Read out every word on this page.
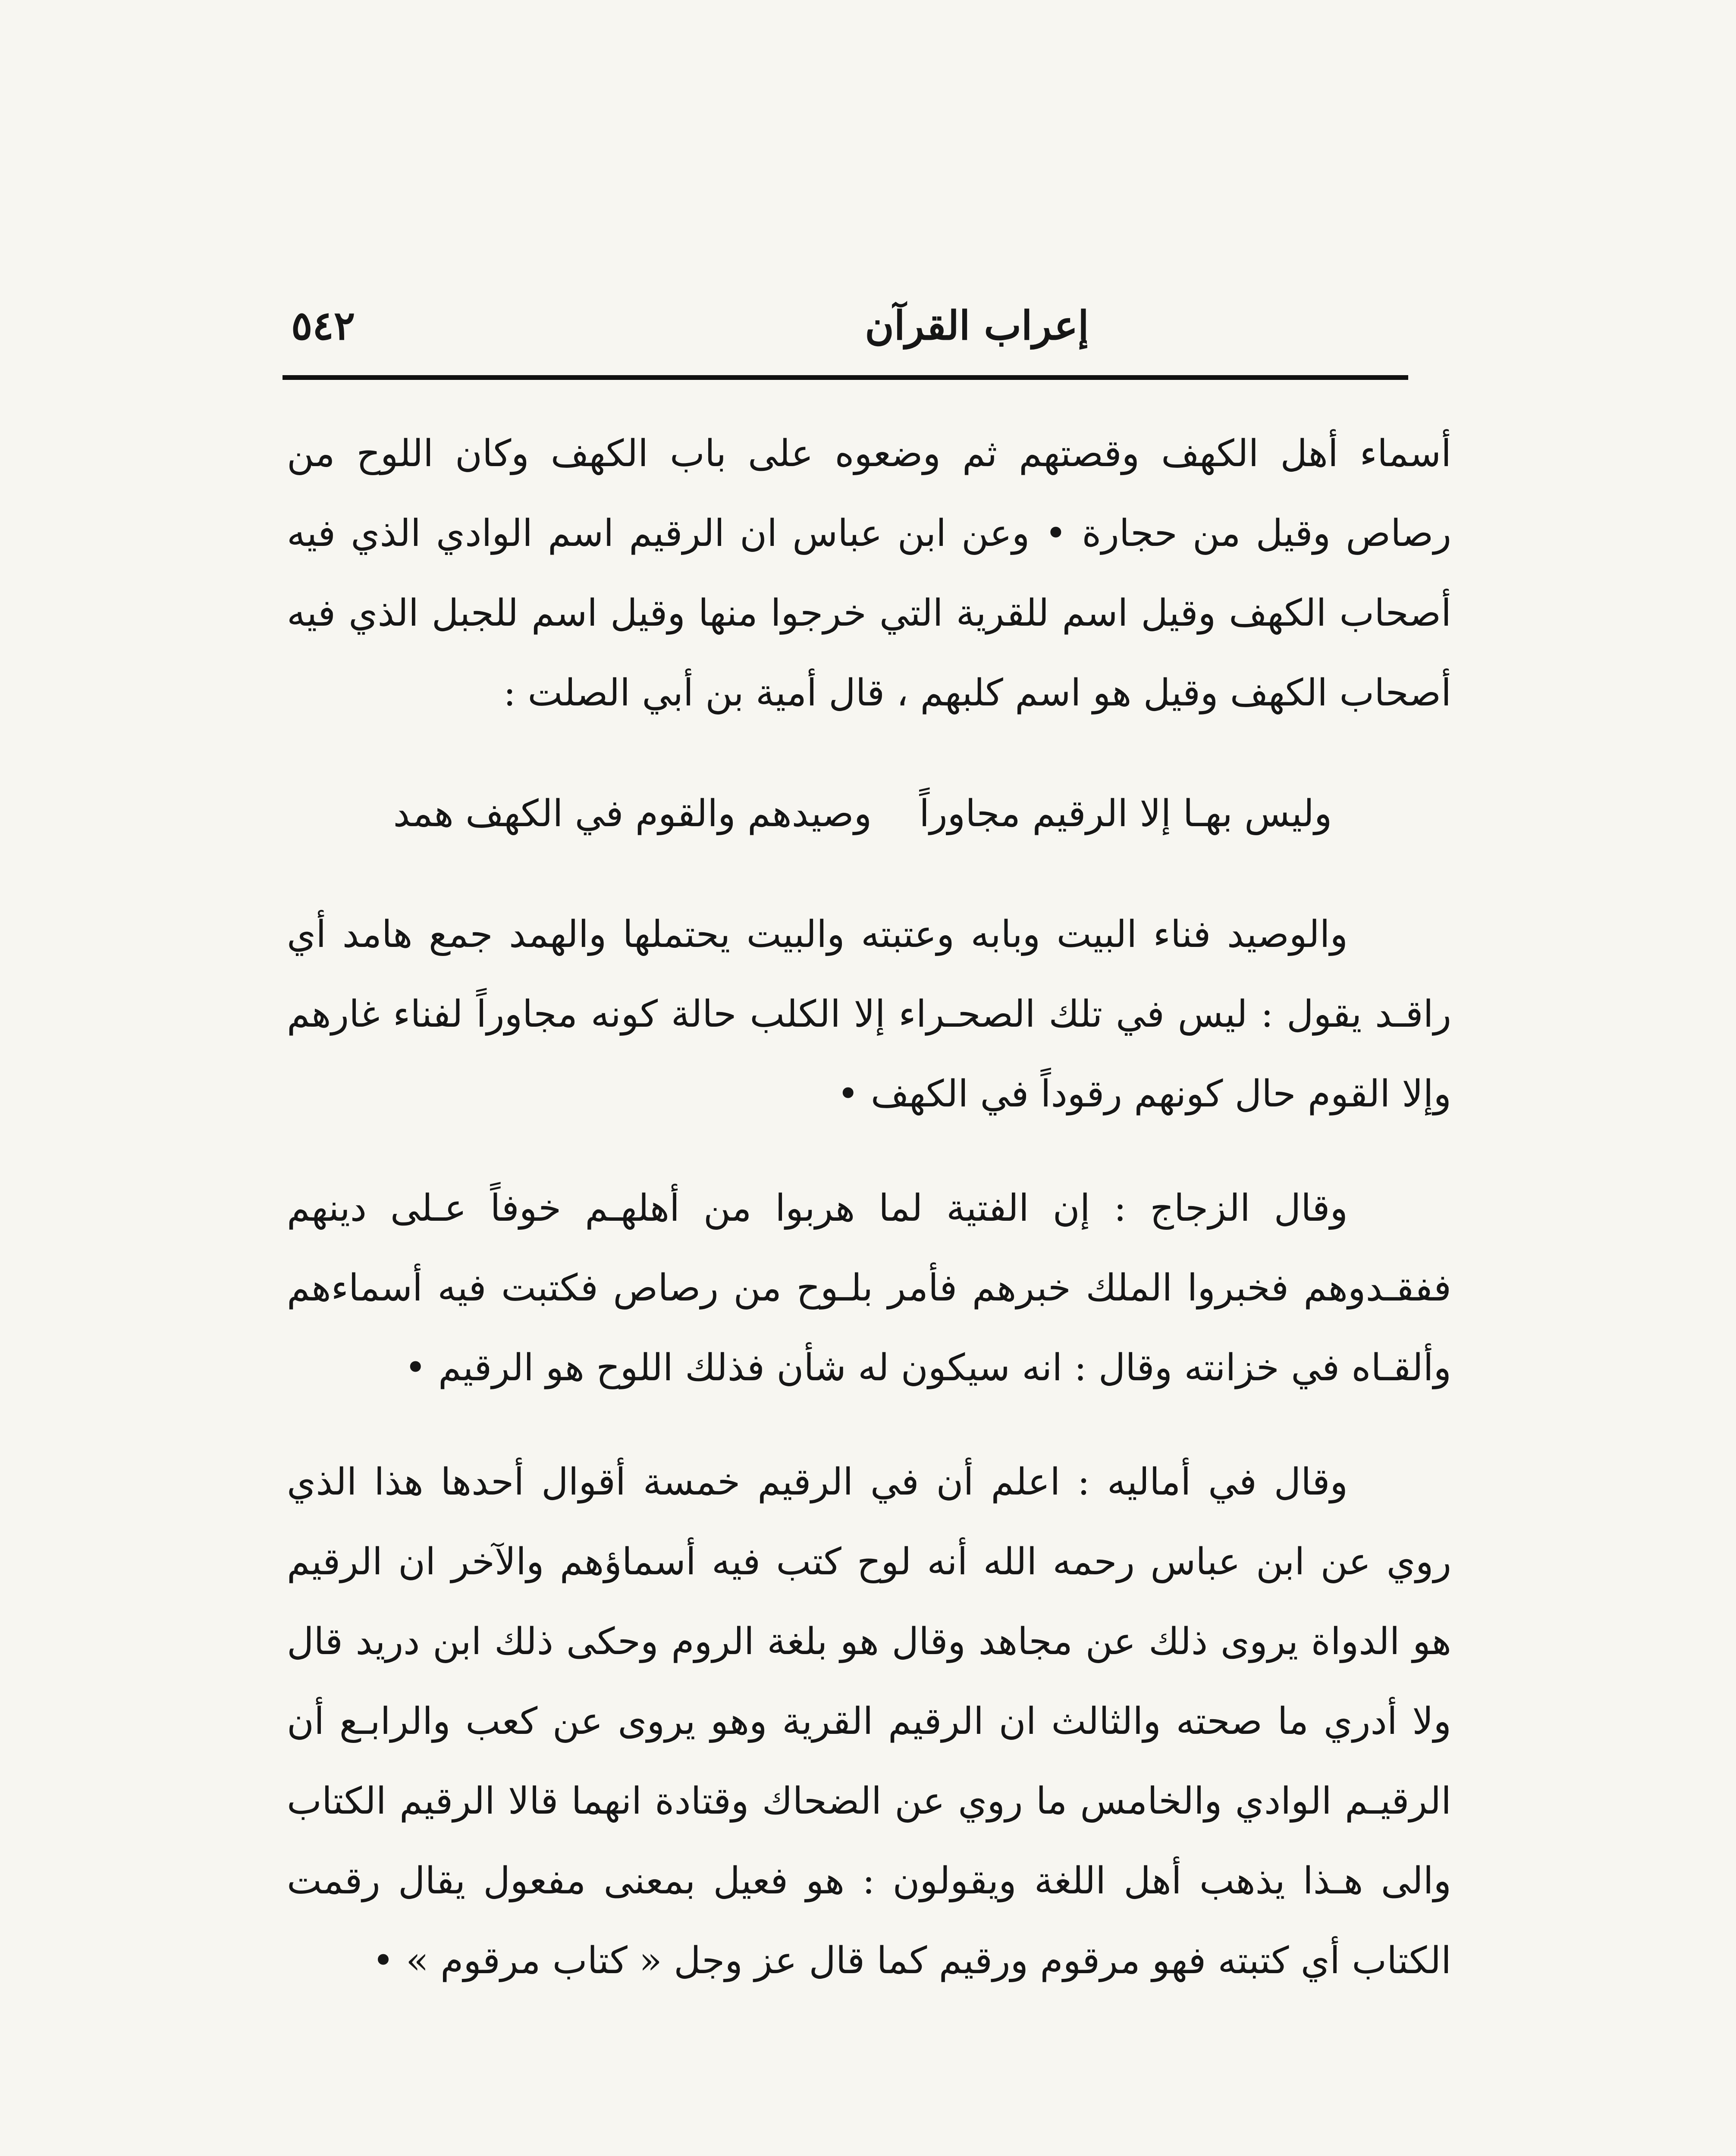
٥٤٢	إعراب القرآن

أسماء أهل الكهف وقصتهم ثم وضعوه على باب الكهف وكان اللوح من رصاص وقيل من حجارة • وعن ابن عباس ان الرقيم اسم الوادي الذي فيه أصحاب الكهف وقيل اسم للقرية التي خرجوا منها وقيل اسم للجبل الذي فيه أصحاب الكهف وقيل هو اسم كلبهم ، قال أمية بن أبي الصلت :

وليس بهـا إلا الرقيم مجاوراً
وصيدهم والقوم في الكهف همد

والوصيد فناء البيت وبابه وعتبته والبيت يحتملها والهمد جمع هامد أي راقـد يقول : ليس في تلك الصحـراء إلا الكلب حالة كونه مجاوراً لفناء غارهم وإلا القوم حال كونهم رقوداً في الكهف •

وقال الزجاج : إن الفتية لما هربوا من أهلهـم خوفاً عـلى دينهم ففقـدوهم فخبروا الملك خبرهم فأمر بلـوح من رصاص فكتبت فيه أسماءهم وألقـاه في خزانته وقال : انه سيكون له شأن فذلك اللوح هو الرقيم •

وقال في أماليه : اعلم أن في الرقيم خمسة أقوال أحدها هذا الذي روي عن ابن عباس رحمه الله أنه لوح كتب فيه أسماؤهم والآخر ان الرقيم هو الدواة يروى ذلك عن مجاهد وقال هو بلغة الروم وحكى ذلك ابن دريد قال ولا أدري ما صحته والثالث ان الرقيم القرية وهو يروى عن كعب والرابـع أن الرقيـم الوادي والخامس ما روي عن الضحاك وقتادة انهما قالا الرقيم الكتاب والى هـذا يذهب أهل اللغة ويقولون : هو فعيل بمعنى مفعول يقال رقمت الكتاب أي كتبته فهو مرقوم ورقيم كما قال عز وجل « كتاب مرقوم » •
